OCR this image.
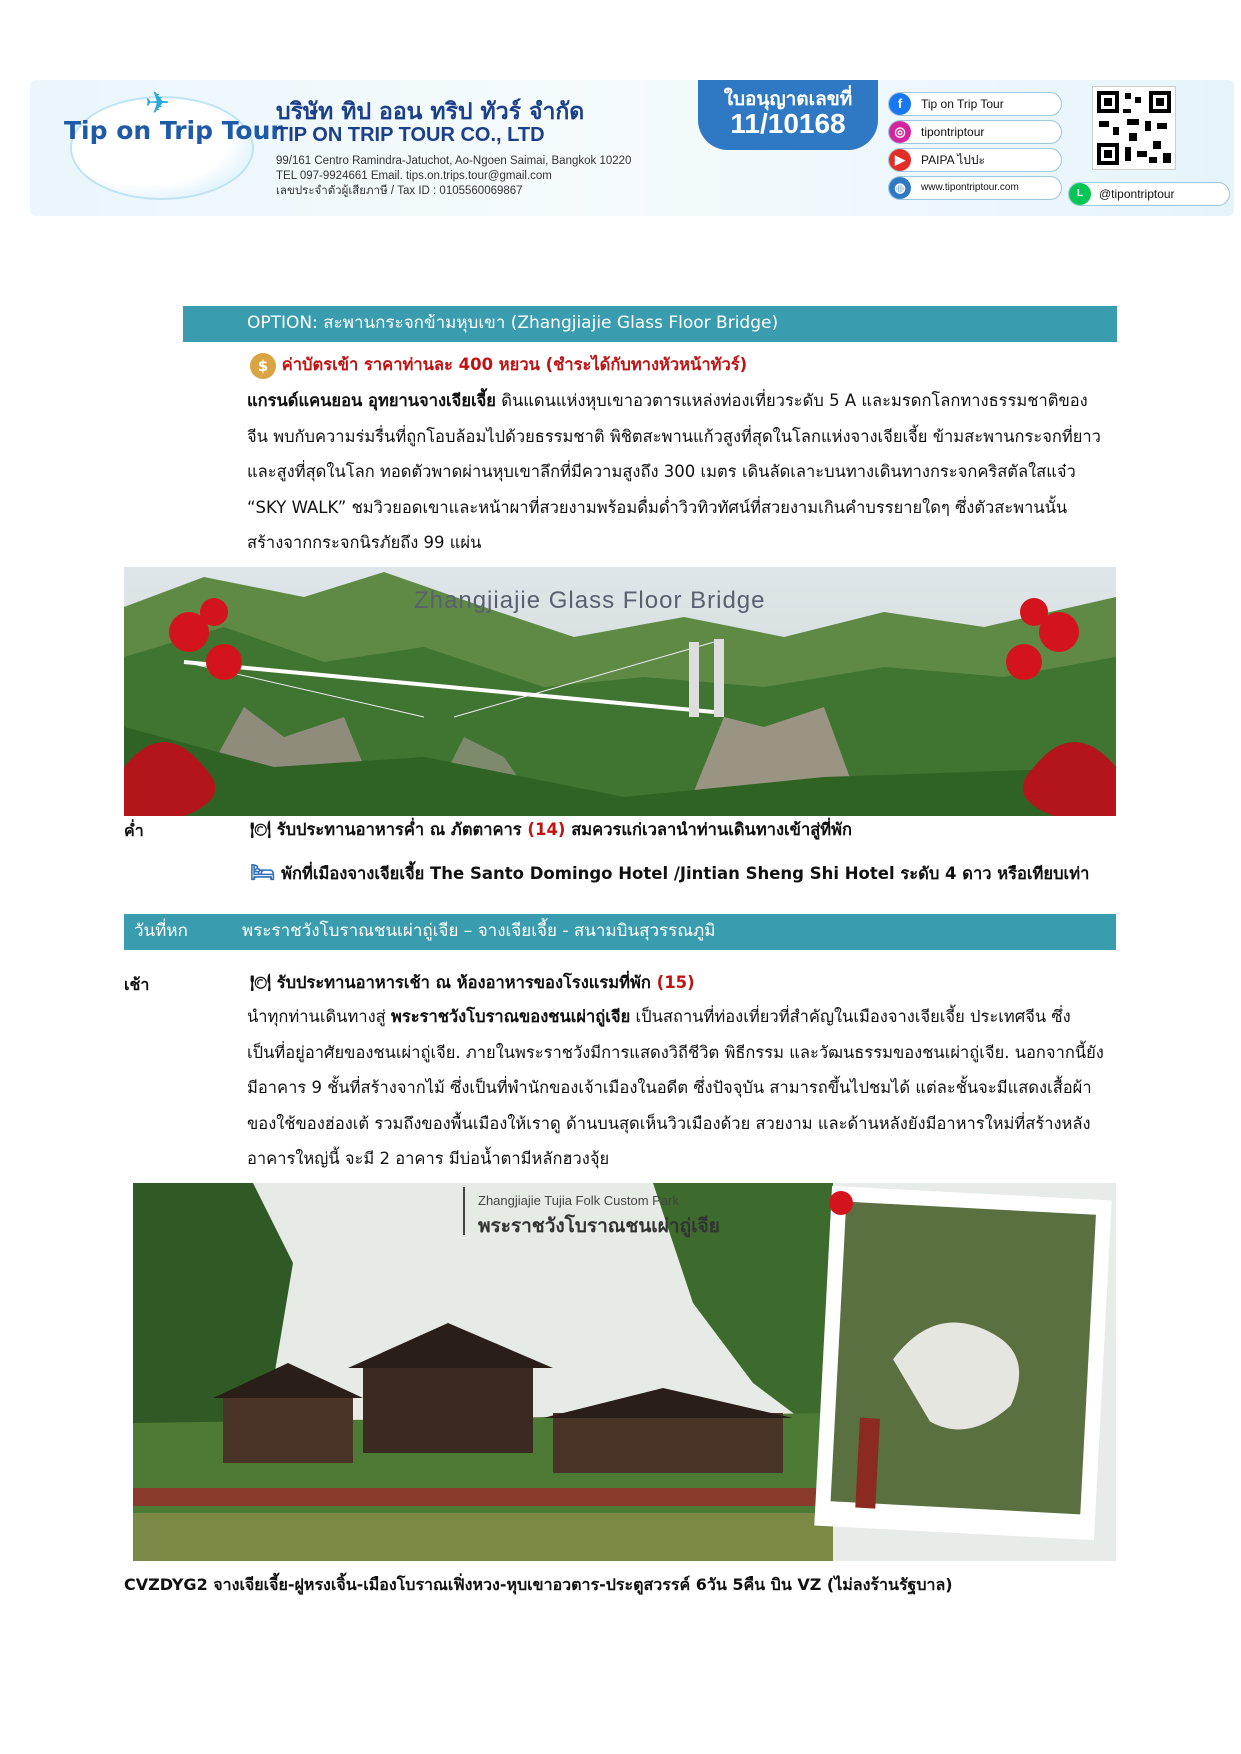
✈
Tip on Trip Tour
บริษัท ทิป ออน ทริป ทัวร์ จำกัด
TIP ON TRIP TOUR CO., LTD
99/161 Centro Ramindra-Jatuchot, Ao-Ngoen Saimai, Bangkok 10220
TEL 097-9924661 Email. tips.on.trips.tour@gmail.com
เลขประจำตัวผู้เสียภาษี / Tax ID : 0105560069867
ใบอนุญาตเลขที่
11/10168
f	Tip on Trip Tour
◎	tipontriptour
▶	PAIPA ไปปะ
◍	www.tipontriptour.com
L	@tipontriptour
OPTION: สะพานกระจกข้ามหุบเขา (Zhangjiajie Glass Floor Bridge)
$ ค่าบัตรเข้า ราคาท่านละ 400 หยวน (ชำระได้กับทางหัวหน้าทัวร์)
แกรนด์แคนยอน อุทยานจางเจียเจี้ย ดินแดนแห่งหุบเขาอวตารแหล่งท่องเที่ยวระดับ 5 A และมรดกโลกทางธรรมชาติของ
จีน พบกับความร่มรื่นที่ถูกโอบล้อมไปด้วยธรรมชาติ พิชิตสะพานแก้วสูงที่สุดในโลกแห่งจางเจียเจี้ย ข้ามสะพานกระจกที่ยาว
และสูงที่สุดในโลก ทอดตัวพาดผ่านหุบเขาลึกที่มีความสูงถึง 300 เมตร เดินลัดเลาะบนทางเดินทางกระจกคริสตัลใสแจ๋ว
“SKY WALK” ชมวิวยอดเขาและหน้าผาที่สวยงามพร้อมดื่มด่ำวิวทิวทัศน์ที่สวยงามเกินคำบรรยายใดๆ ซึ่งตัวสะพานนั้น
สร้างจากกระจกนิรภัยถึง 99 แผ่น
Zhangjiajie Glass Floor Bridge
ค่ำ	🍽 รับประทานอาหารค่ำ ณ ภัตตาคาร (14) สมควรแก่เวลานำท่านเดินทางเข้าสู่ที่พัก
🛏 พักที่เมืองจางเจียเจี้ย The Santo Domingo Hotel /Jintian Sheng Shi Hotel ระดับ 4 ดาว หรือเทียบเท่า
วันที่หก	พระราชวังโบราณชนเผ่าถู่เจีย – จางเจียเจี้ย - สนามบินสุวรรณภูมิ
เช้า	🍽 รับประทานอาหารเช้า ณ ห้องอาหารของโรงแรมที่พัก (15)
นำทุกท่านเดินทางสู่ พระราชวังโบราณของชนเผ่าถู่เจีย เป็นสถานที่ท่องเที่ยวที่สำคัญในเมืองจางเจียเจี้ย ประเทศจีน ซึ่ง
เป็นที่อยู่อาศัยของชนเผ่าถู่เจีย. ภายในพระราชวังมีการแสดงวิถีชีวิต พิธีกรรม และวัฒนธรรมของชนเผ่าถู่เจีย. นอกจากนี้ยัง
มีอาคาร 9 ชั้นที่สร้างจากไม้ ซึ่งเป็นที่พำนักของเจ้าเมืองในอดีต ซึ่งปัจจุบัน สามารถขึ้นไปชมได้ แต่ละชั้นจะมีแสดงเสื้อผ้า
ของใช้ของฮ่องเต้ รวมถึงของพื้นเมืองให้เราดู ด้านบนสุดเห็นวิวเมืองด้วย สวยงาม และด้านหลังยังมีอาหารใหม่ที่สร้างหลัง
อาคารใหญ่นี้ จะมี 2 อาคาร มีบ่อน้ำตามีหลักฮวงจุ้ย
Zhangjiajie Tujia Folk Custom Park
พระราชวังโบราณชนเผ่าถู่เจีย
CVZDYG2 จางเจียเจี้ย-ฝูหรงเจิ้น-เมืองโบราณเฟิ่งหวง-หุบเขาอวตาร-ประตูสวรรค์ 6วัน 5คืน บิน VZ (ไม่ลงร้านรัฐบาล)
